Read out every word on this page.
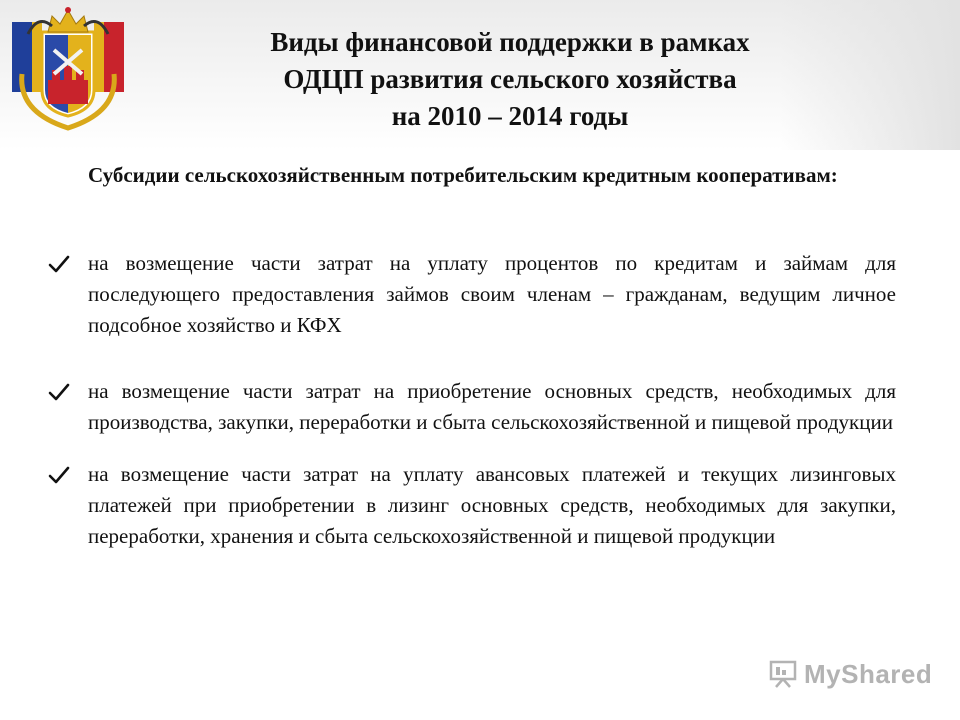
Виды финансовой поддержки в рамках
ОДЦП развития сельского хозяйства
на 2010 – 2014 годы

Субсидии сельскохозяйственным потребительским кредитным кооперативам:

на возмещение части затрат на уплату процентов по кредитам и займам для последующего предоставления займов своим членам – гражданам, ведущим личное подсобное хозяйство и КФХ
на возмещение части затрат на приобретение основных средств, необходимых для производства, закупки, переработки и сбыта сельскохозяйственной и пищевой продукции
на возмещение части затрат на уплату авансовых платежей и текущих лизинговых платежей при приобретении в лизинг основных средств, необходимых для закупки, переработки, хранения и сбыта сельскохозяйственной и пищевой продукции
MyShared
